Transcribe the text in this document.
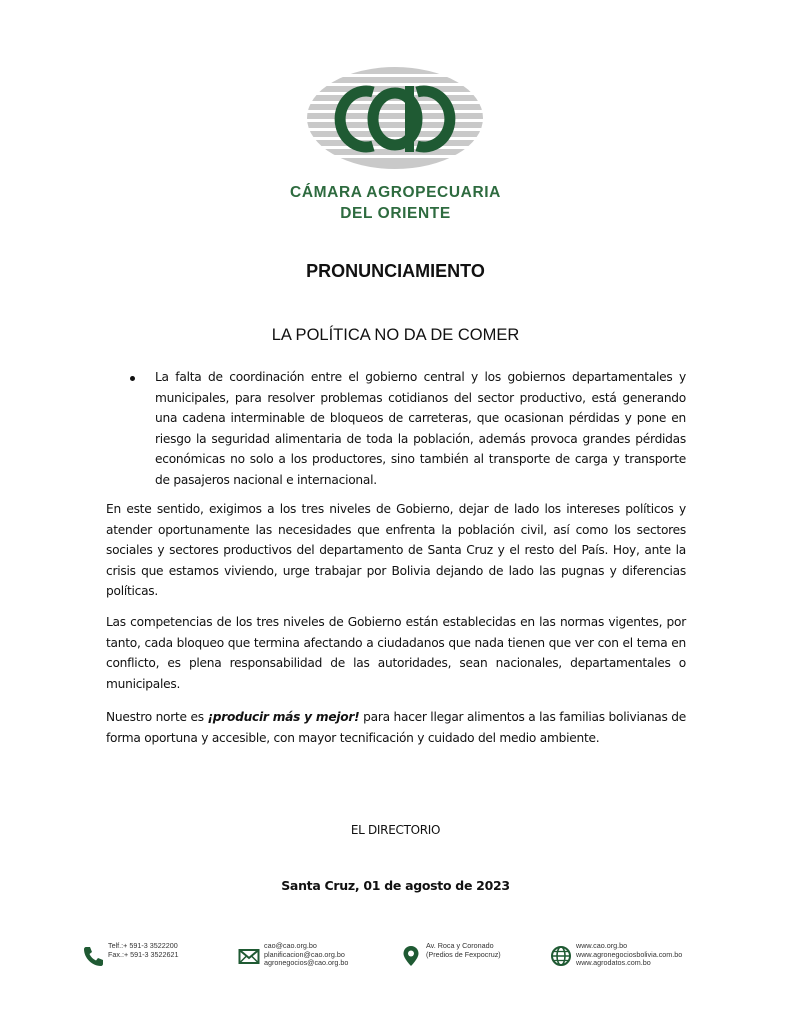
CÁMARA AGROPECUARIA
DEL ORIENTE
PRONUNCIAMIENTO
LA POLÍTICA NO DA DE COMER
La falta de coordinación entre el gobierno central y los gobiernos departamentales y municipales, para resolver problemas cotidianos del sector productivo, está generando una cadena interminable de bloqueos de carreteras, que ocasionan pérdidas y pone en riesgo la seguridad alimentaria de toda la población, además provoca grandes pérdidas económicas no solo a los productores, sino también al transporte de carga y transporte de pasajeros nacional e internacional.
En este sentido, exigimos a los tres niveles de Gobierno, dejar de lado los intereses políticos y atender oportunamente las necesidades que enfrenta la población civil, así como los sectores sociales y sectores productivos del departamento de Santa Cruz y el resto del País. Hoy, ante la crisis que estamos viviendo, urge trabajar por Bolivia dejando de lado las pugnas y diferencias políticas.
Las competencias de los tres niveles de Gobierno están establecidas en las normas vigentes, por tanto, cada bloqueo que termina afectando a ciudadanos que nada tienen que ver con el tema en conflicto, es plena responsabilidad de las autoridades, sean nacionales, departamentales o municipales.
Nuestro norte es ¡producir más y mejor! para hacer llegar alimentos a las familias bolivianas de forma oportuna y accesible, con mayor tecnificación y cuidado del medio ambiente.
EL DIRECTORIO
Santa Cruz, 01 de agosto de 2023
Telf.:+ 591-3 3522200
Fax.:+ 591-3 3522621
cao@cao.org.bo
planificacion@cao.org.bo
agronegocios@cao.org.bo
Av. Roca y Coronado
(Predios de Fexpocruz)
www.cao.org.bo
www.agronegociosbolivia.com.bo
www.agrodatos.com.bo
